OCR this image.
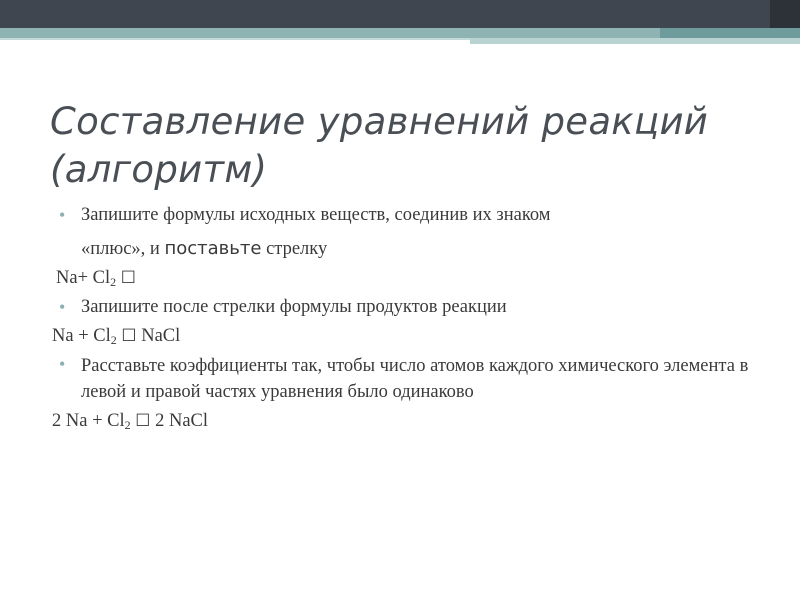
Составление уравнений реакций
(алгоритм)
• Запишите формулы исходных веществ, соединив их знаком
«плюс», и поставьте стрелку
$Na+ Cl_2$ ☐
• Запишите после стрелки формулы продуктов реакции
$Na + Cl_2$ ☐ NaCl
• Расставьте коэффициенты так, чтобы число атомов каждого химического элемента в левой и правой частях уравнения было одинаково
2 $Na + Cl_2$ ☐ 2 NaCl
